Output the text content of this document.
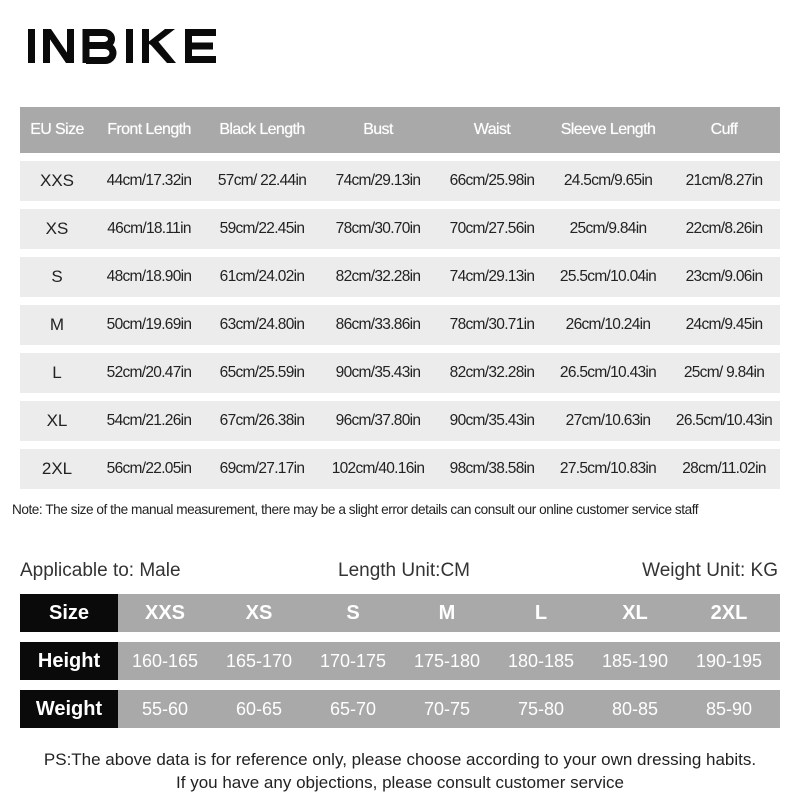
EU Size	Front Length	Black Length	Bust	Waist	Sleeve Length	Cuff
XXS	44cm/17.32in	57cm/ 22.44in	74cm/29.13in	66cm/25.98in	24.5cm/9.65in	21cm/8.27in
XS	46cm/18.11in	59cm/22.45in	78cm/30.70in	70cm/27.56in	25cm/9.84in	22cm/8.26in
S	48cm/18.90in	61cm/24.02in	82cm/32.28in	74cm/29.13in	25.5cm/10.04in	23cm/9.06in
M	50cm/19.69in	63cm/24.80in	86cm/33.86in	78cm/30.71in	26cm/10.24in	24cm/9.45in
L	52cm/20.47in	65cm/25.59in	90cm/35.43in	82cm/32.28in	26.5cm/10.43in	25cm/ 9.84in
XL	54cm/21.26in	67cm/26.38in	96cm/37.80in	90cm/35.43in	27cm/10.63in	26.5cm/10.43in
2XL	56cm/22.05in	69cm/27.17in	102cm/40.16in	98cm/38.58in	27.5cm/10.83in	28cm/11.02in
Note: The size of the manual measurement, there may be a slight error details can consult our online customer service staff
Applicable to: Male	Length Unit:CM	Weight Unit: KG
Size	XXS	XS	S	M	L	XL	2XL
Height	160-165	165-170	170-175	175-180	180-185	185-190	190-195
Weight	55-60	60-65	65-70	70-75	75-80	80-85	85-90
PS:The above data is for reference only, please choose according to your own dressing habits.
If you have any objections, please consult customer service
